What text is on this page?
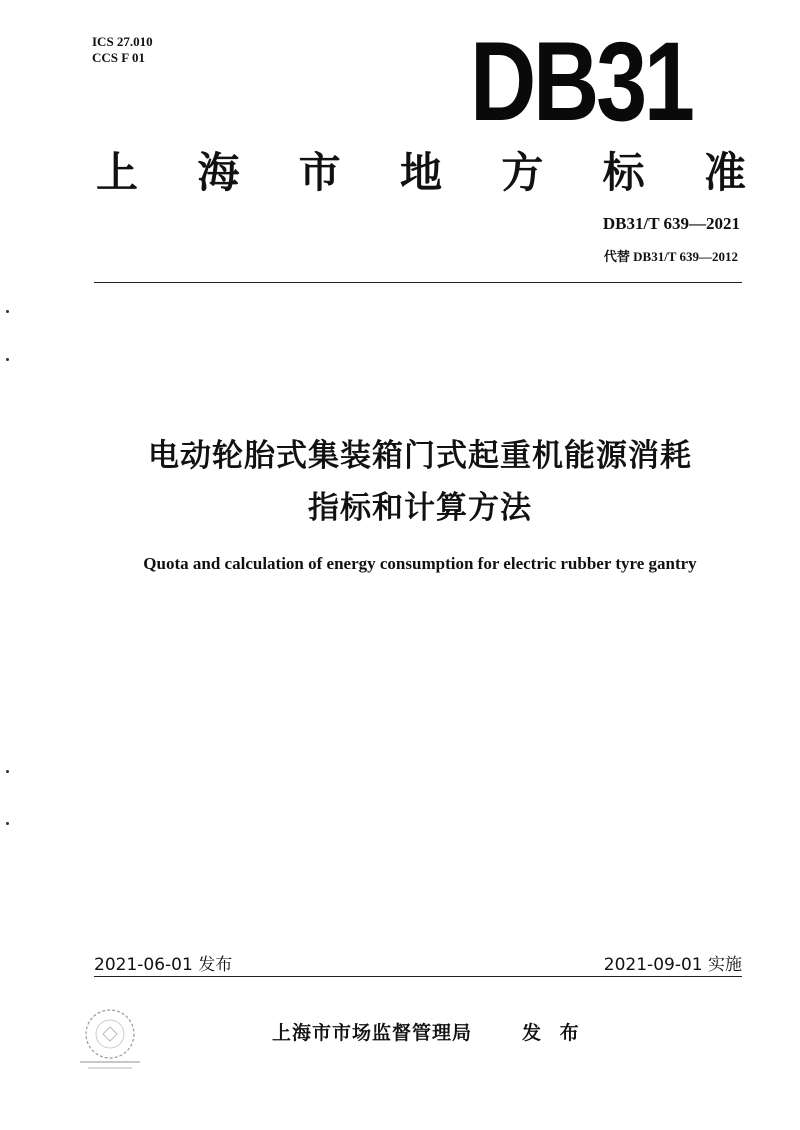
ICS 27.010
CCS F 01	DB31
上 海 市 地 方 标 准
DB31/T 639—2021
代替 DB31/T 639—2012
电动轮胎式集装箱门式起重机能源消耗
指标和计算方法
Quota and calculation of energy consumption for electric rubber tyre gantry
2021-06-01 发布	2021-09-01 实施
上海市市场监督管理局	发 布
